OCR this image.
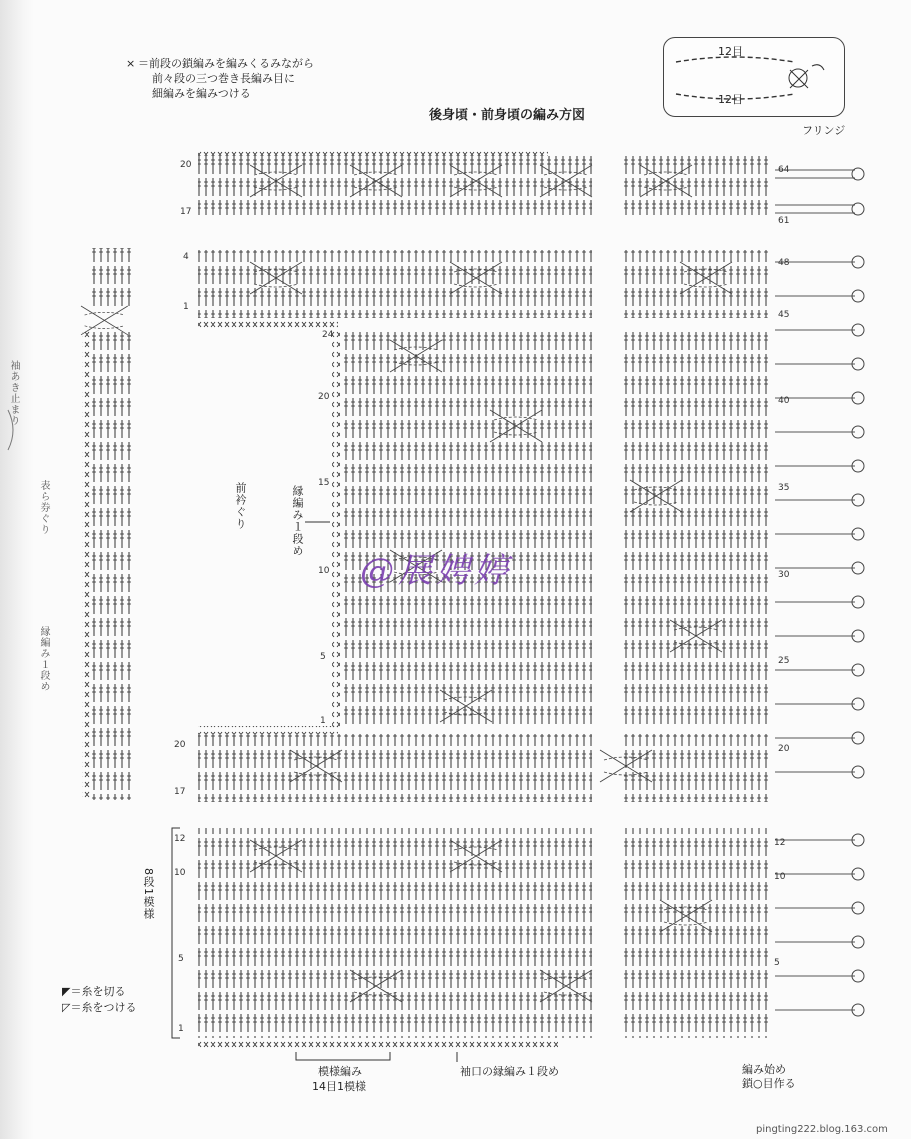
× ＝前段の鎖編みを編みくるみながら
前々段の三つ巻き長編み目に
細編みを編みつける
後身頃・前身頃の編み方図
12目
12目
フリンジ
20
17
4
1
24
20
15
10
5
1
20
17
12
10
5
1
64
61
48
45
40
35
30
25
20
12
10
5
前衿ぐり	縁編み１段め
8段1模様
袖あき止まり
表ら券ぐり
縁編み１段め
模様編み
14目1模様
袖口の縁編み１段め	編み始め
鎖○目作る
◤＝糸を切る
◸＝糸をつける
@展娉婷
pingting222.blog.163.com
